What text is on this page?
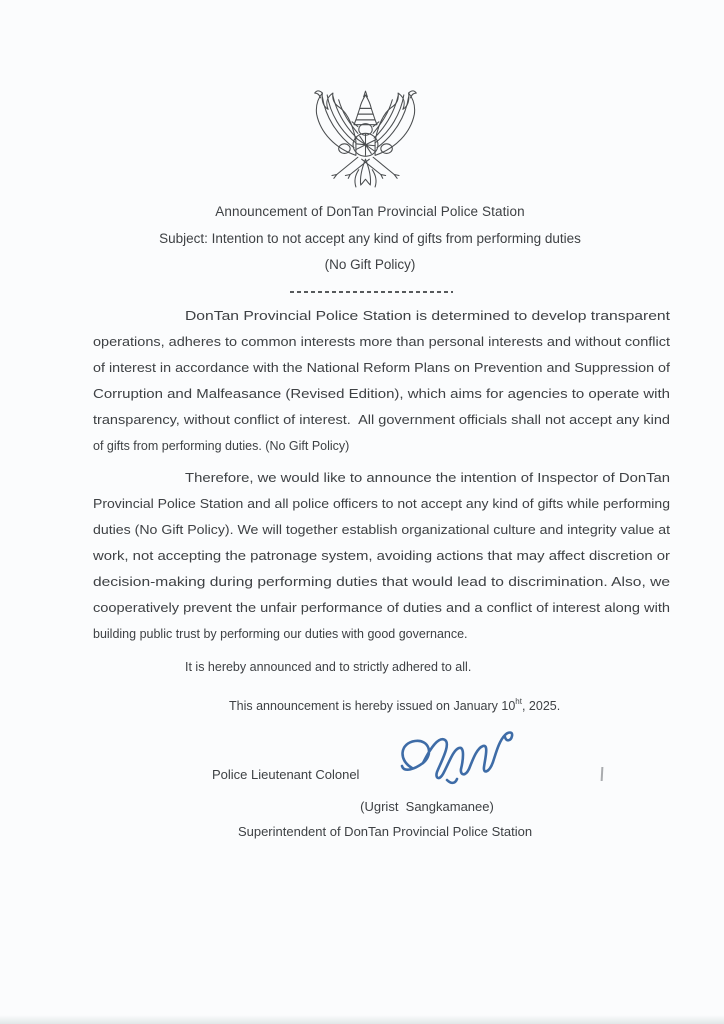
Announcement of DonTan Provincial Police Station
Subject: Intention to not accept any kind of gifts from performing duties
(No Gift Policy)
DonTan Provincial Police Station is determined to develop transparent
operations, adheres to common interests more than personal interests and without conflict
of interest in accordance with the National Reform Plans on Prevention and Suppression of
Corruption and Malfeasance (Revised Edition), which aims for agencies to operate with
transparency, without conflict of interest.  All government officials shall not accept any kind
of gifts from performing duties. (No Gift Policy)
Therefore, we would like to announce the intention of Inspector of DonTan
Provincial Police Station and all police officers to not accept any kind of gifts while performing
duties (No Gift Policy). We will together establish organizational culture and integrity value at
work, not accepting the patronage system, avoiding actions that may affect discretion or
decision-making during performing duties that would lead to discrimination. Also, we
cooperatively prevent the unfair performance of duties and a conflict of interest along with
building public trust by performing our duties with good governance.
It is hereby announced and to strictly adhered to all.
This announcement is hereby issued on January $10^{ht}$, 2025.
Police Lieutenant Colonel
(Ugrist  Sangkamanee)
Superintendent of DonTan Provincial Police Station
